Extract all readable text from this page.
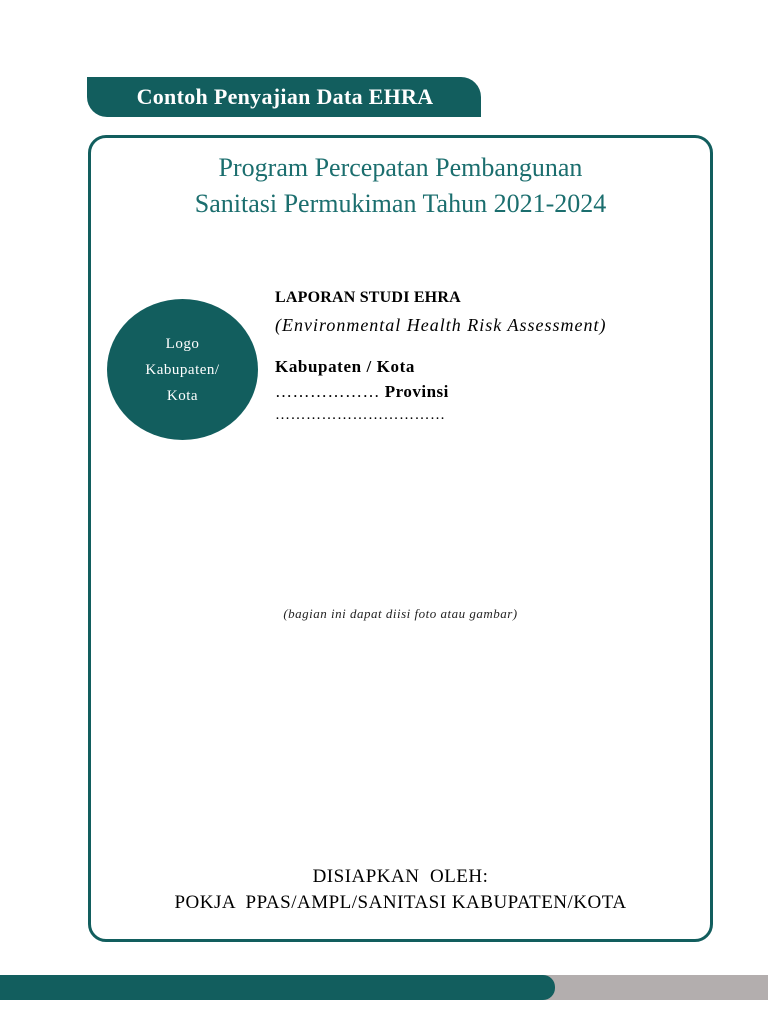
Contoh Penyajian Data EHRA
Program Percepatan Pembangunan
Sanitasi Permukiman Tahun 2021-2024
Logo
Kabupaten/
Kota
LAPORAN STUDI EHRA
(Environmental Health Risk Assessment)
Kabupaten / Kota
……………… Provinsi
……………………………
(bagian ini dapat diisi foto atau gambar)
DISIAPKAN  OLEH:
POKJA  PPAS/AMPL/SANITASI KABUPATEN/KOTA
